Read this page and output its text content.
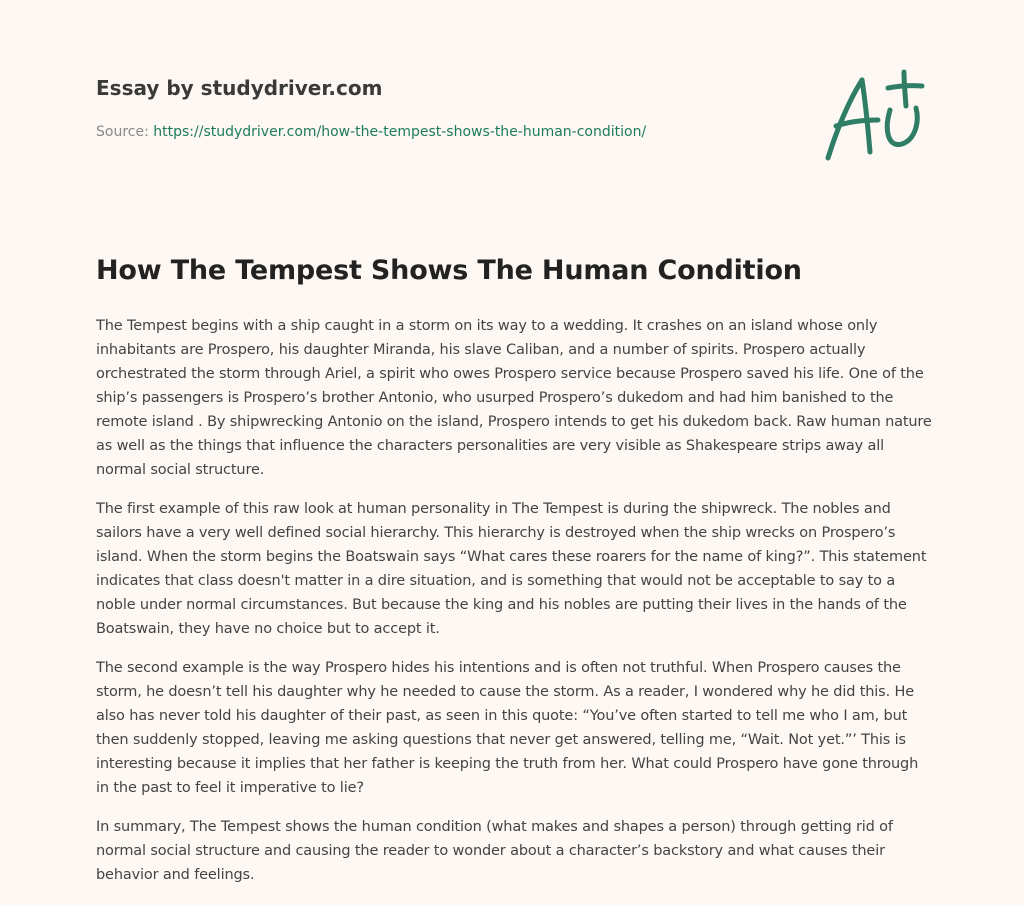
Essay by studydriver.com

Source: https://studydriver.com/how-the-tempest-shows-the-human-condition/
How The Tempest Shows The Human Condition

The Tempest begins with a ship caught in a storm on its way to a wedding. It crashes on an island whose only inhabitants are Prospero, his daughter Miranda, his slave Caliban, and a number of spirits. Prospero actually orchestrated the storm through Ariel, a spirit who owes Prospero service because Prospero saved his life. One of the ship’s passengers is Prospero’s brother Antonio, who usurped Prospero’s dukedom and had him banished to the remote island . By shipwrecking Antonio on the island, Prospero intends to get his dukedom back. Raw human nature as well as the things that influence the characters personalities are very visible as Shakespeare strips away all normal social structure.

The first example of this raw look at human personality in The Tempest is during the shipwreck. The nobles and sailors have a very well defined social hierarchy. This hierarchy is destroyed when the ship wrecks on Prospero’s island. When the storm begins the Boatswain says “What cares these roarers for the name of king?”. This statement indicates that class doesn't matter in a dire situation, and is something that would not be acceptable to say to a noble under normal circumstances. But because the king and his nobles are putting their lives in the hands of the Boatswain, they have no choice but to accept it.

The second example is the way Prospero hides his intentions and is often not truthful. When Prospero causes the storm, he doesn’t tell his daughter why he needed to cause the storm. As a reader, I wondered why he did this. He also has never told his daughter of their past, as seen in this quote: “You’ve often started to tell me who I am, but then suddenly stopped, leaving me asking questions that never get answered, telling me, “Wait. Not yet.”’ This is interesting because it implies that her father is keeping the truth from her. What could Prospero have gone through in the past to feel it imperative to lie?

In summary, The Tempest shows the human condition (what makes and shapes a person) through getting rid of normal social structure and causing the reader to wonder about a character’s backstory and what causes their behavior and feelings.
